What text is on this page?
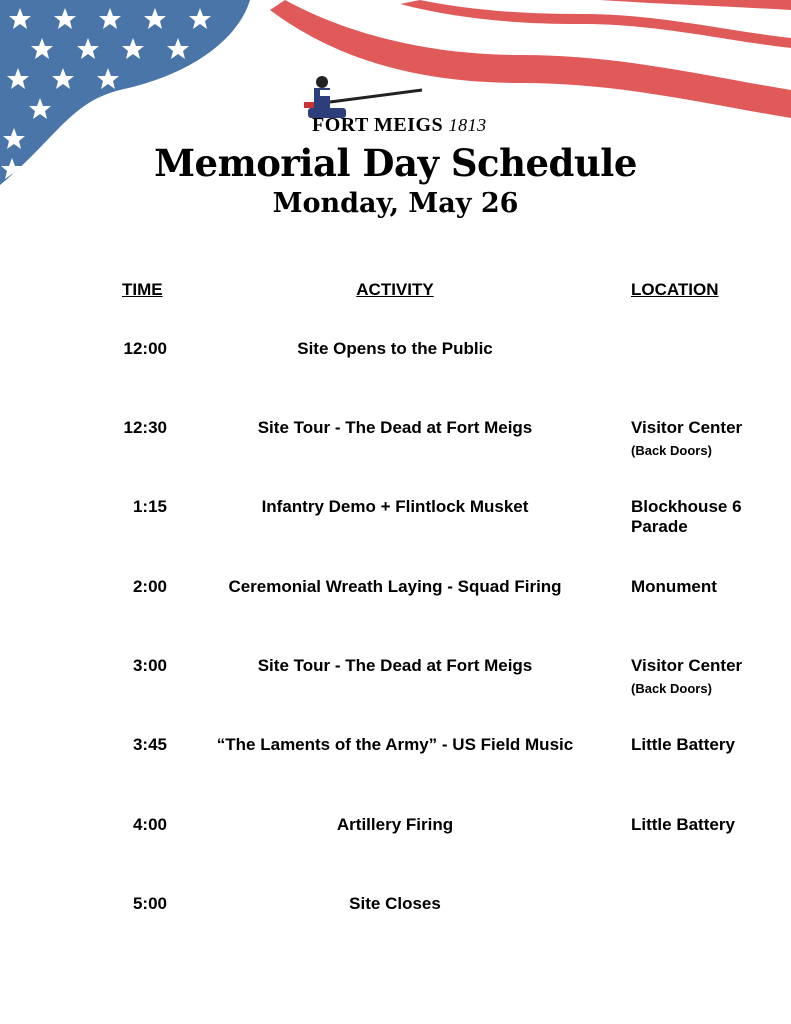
FORT MEIGS 1813
Memorial Day Schedule
Monday, May 26
TIME	ACTIVITY	LOCATION
12:00	Site Opens to the Public
12:30	Site Tour - The Dead at Fort Meigs	Visitor Center
(Back Doors)
1:15	Infantry Demo + Flintlock Musket	Blockhouse 6 Parade
2:00	Ceremonial Wreath Laying - Squad Firing	Monument
3:00	Site Tour - The Dead at Fort Meigs	Visitor Center
(Back Doors)
3:45	“The Laments of the Army” - US Field Music	Little Battery
4:00	Artillery Firing	Little Battery
5:00	Site Closes
